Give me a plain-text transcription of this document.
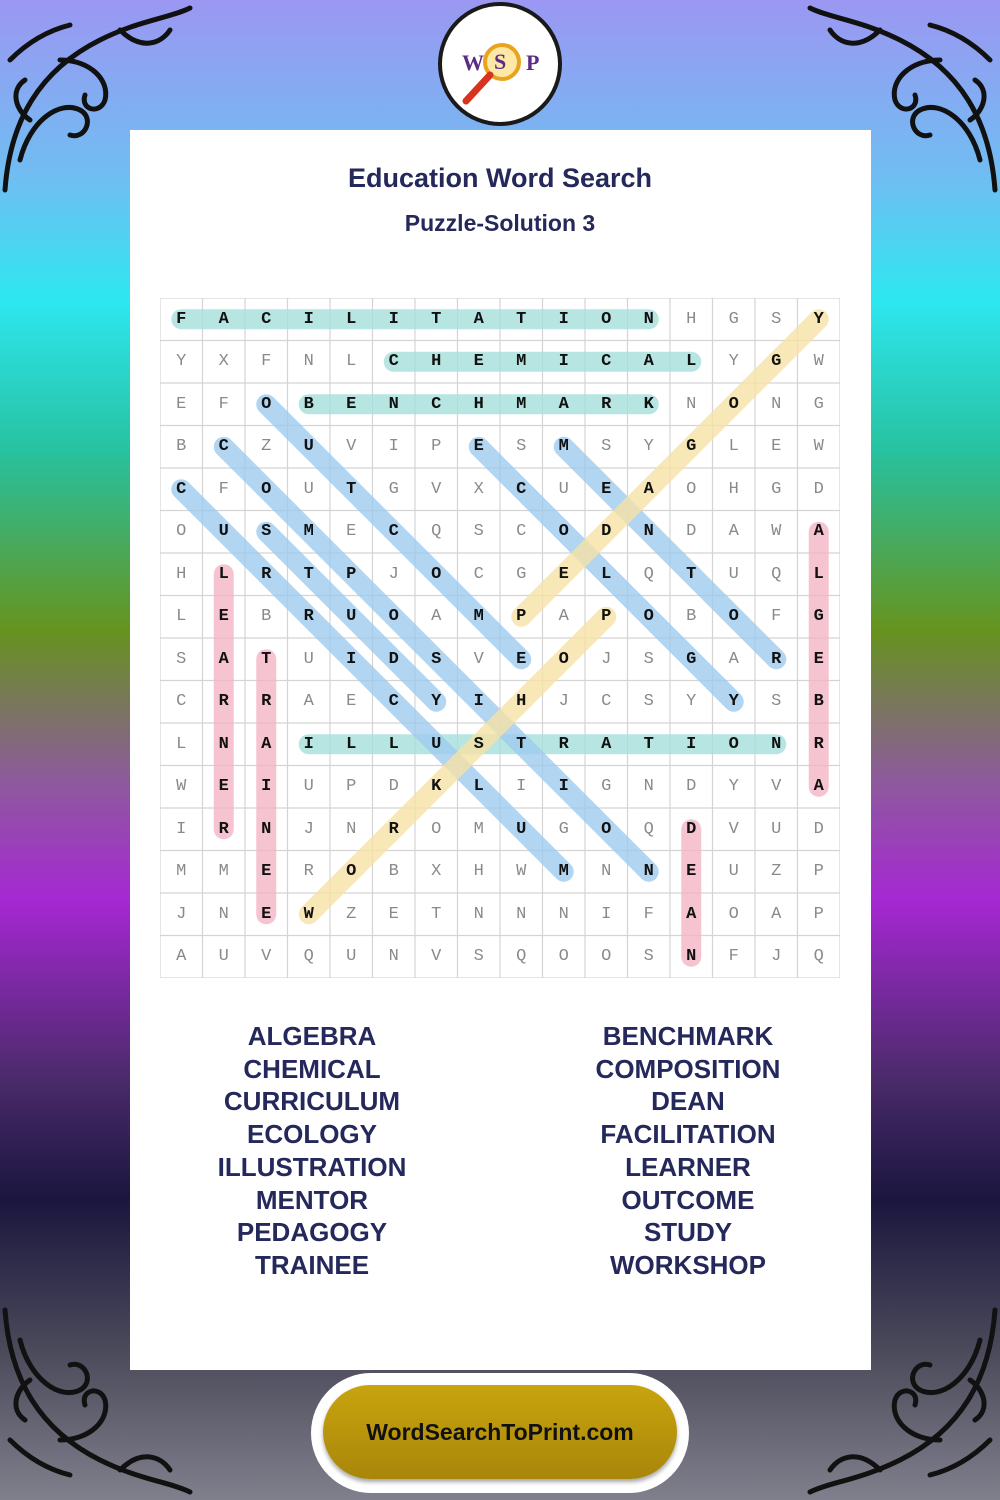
W S P
Education Word Search
Puzzle-Solution 3
F	A	C	I	L	I	T	A	T	I	O	N	H	G	S	Y
Y	X	F	N	L	C	H	E	M	I	C	A	L	Y	G	W
E	F	O	B	E	N	C	H	M	A	R	K	N	O	N	G
B	C	Z	U	V	I	P	E	S	M	S	Y	G	L	E	W
C	F	O	U	T	G	V	X	C	U	E	A	O	H	G	D
O	U	S	M	E	C	Q	S	C	O	D	N	D	A	W	A
H	L	R	T	P	J	O	C	G	E	L	Q	T	U	Q	L
L	E	B	R	U	O	A	M	P	A	P	O	B	O	F	G
S	A	T	U	I	D	S	V	E	O	J	S	G	A	R	E
C	R	R	A	E	C	Y	I	H	J	C	S	Y	Y	S	B
L	N	A	I	L	L	U	S	T	R	A	T	I	O	N	R
W	E	I	U	P	D	K	L	I	I	G	N	D	Y	V	A
I	R	N	J	N	R	O	M	U	G	O	Q	D	V	U	D
M	M	E	R	O	B	X	H	W	M	N	N	E	U	Z	P
J	N	E	W	Z	E	T	N	N	N	I	F	A	O	A	P
A	U	V	Q	U	N	V	S	Q	O	O	S	N	F	J	Q
ALGEBRA
CHEMICAL
CURRICULUM
ECOLOGY
ILLUSTRATION
MENTOR
PEDAGOGY
TRAINEE
BENCHMARK
COMPOSITION
DEAN
FACILITATION
LEARNER
OUTCOME
STUDY
WORKSHOP
WordSearchToPrint.com
